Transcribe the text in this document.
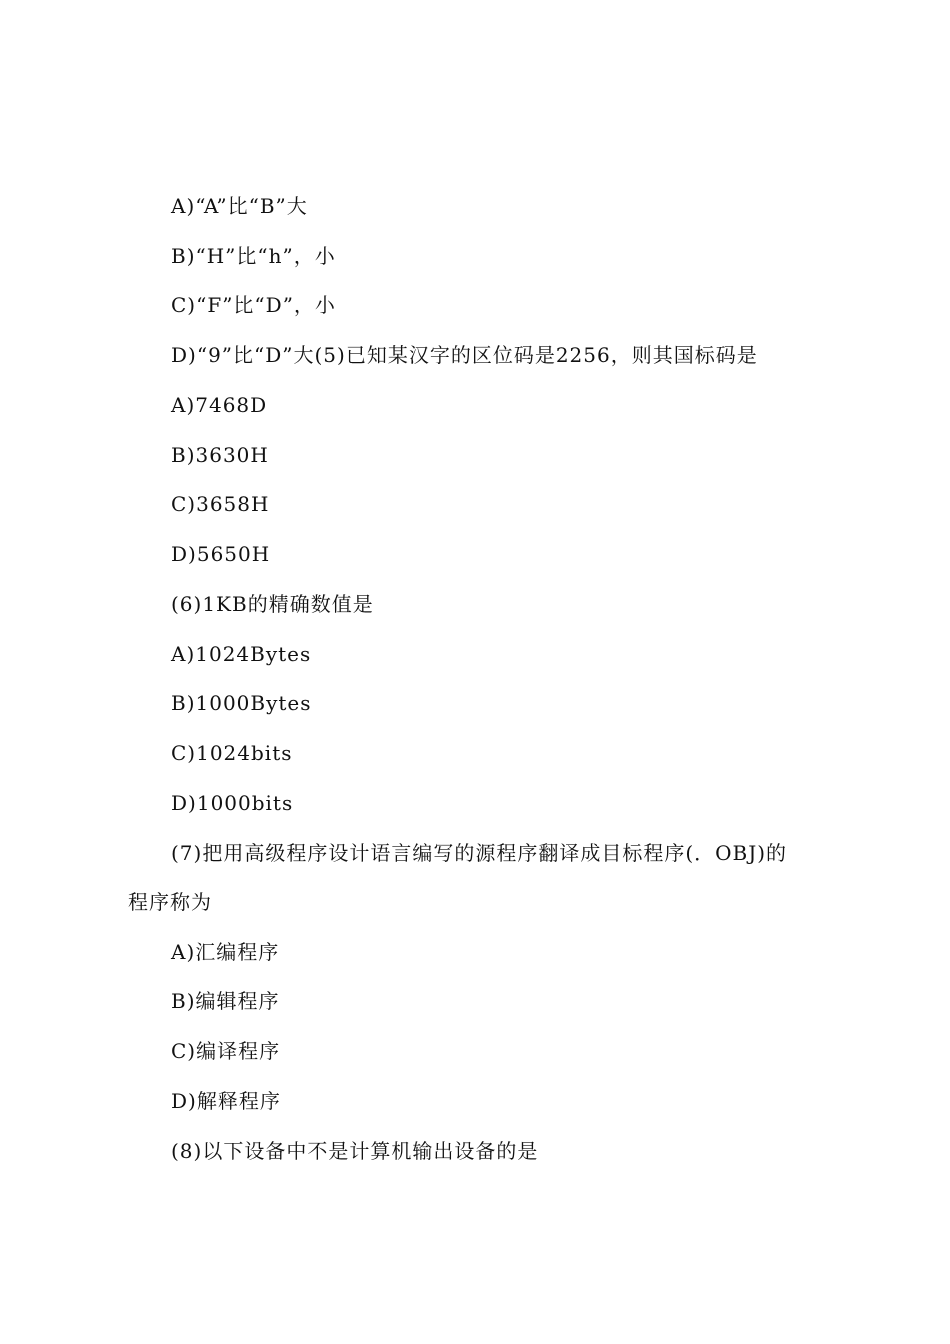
A)“A”比“B”大
B)“H”比“h”，小
C)“F”比“D”，小
D)“9”比“D”大(5)已知某汉字的区位码是2256，则其国标码是
A)7468D
B)3630H
C)3658H
D)5650H
(6)1KB的精确数值是
A)1024Bytes
B)1000Bytes
C)1024bits
D)1000bits
(7)把用高级程序设计语言编写的源程序翻译成目标程序(．OBJ)的
程序称为
A)汇编程序
B)编辑程序
C)编译程序
D)解释程序
(8)以下设备中不是计算机输出设备的是
